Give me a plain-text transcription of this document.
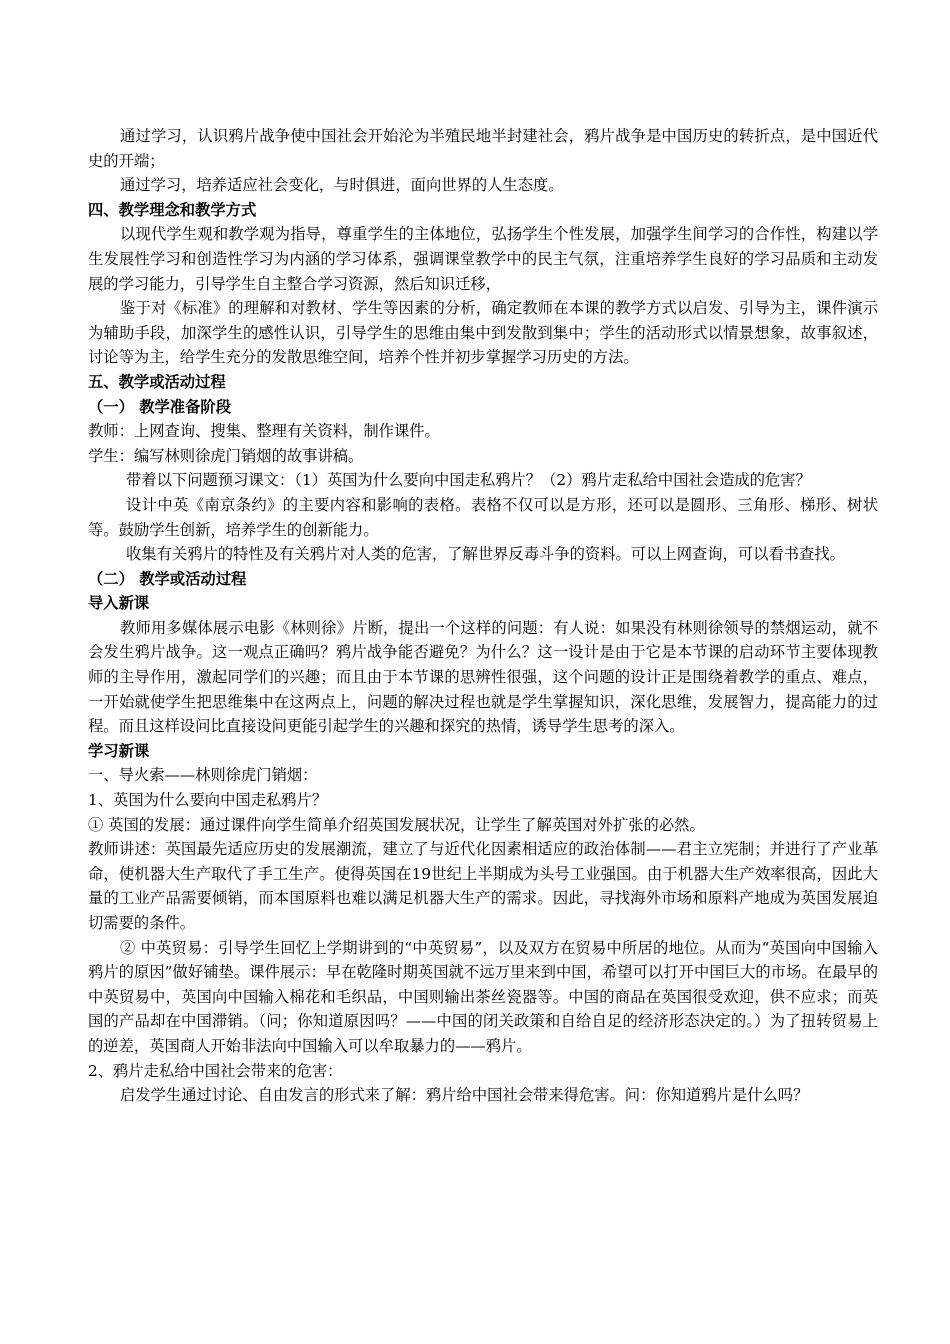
通过学习，认识鸦片战争使中国社会开始沦为半殖民地半封建社会，鸦片战争是中国历史的转折点，是中国近代史的开端；

通过学习，培养适应社会变化，与时俱进，面向世界的人生态度。

四、教学理念和教学方式

以现代学生观和教学观为指导，尊重学生的主体地位，弘扬学生个性发展，加强学生间学习的合作性，构建以学生发展性学习和创造性学习为内涵的学习体系，强调课堂教学中的民主气氛，注重培养学生良好的学习品质和主动发展的学习能力，引导学生自主整合学习资源，然后知识迁移，

鉴于对《标准》的理解和对教材、学生等因素的分析，确定教师在本课的教学方式以启发、引导为主，课件演示为辅助手段，加深学生的感性认识，引导学生的思维由集中到发散到集中；学生的活动形式以情景想象，故事叙述，讨论等为主，给学生充分的发散思维空间，培养个性并初步掌握学习历史的方法。

五、教学或活动过程

（一） 教学准备阶段

教师：上网查询、搜集、整理有关资料，制作课件。

学生：编写林则徐虎门销烟的故事讲稿。

带着以下问题预习课文：（1）英国为什么要向中国走私鸦片？（2）鸦片走私给中国社会造成的危害？

设计中英《南京条约》的主要内容和影响的表格。表格不仅可以是方形，还可以是圆形、三角形、梯形、树状等。鼓励学生创新，培养学生的创新能力。

收集有关鸦片的特性及有关鸦片对人类的危害，了解世界反毒斗争的资料。可以上网查询，可以看书查找。

（二） 教学或活动过程

导入新课

教师用多媒体展示电影《林则徐》片断，提出一个这样的问题：有人说：如果没有林则徐领导的禁烟运动，就不会发生鸦片战争。这一观点正确吗？鸦片战争能否避免？为什么？这一设计是由于它是本节课的启动环节主要体现教师的主导作用，激起同学们的兴趣；而且由于本节课的思辨性很强，这个问题的设计正是围绕着教学的重点、难点，一开始就使学生把思维集中在这两点上，问题的解决过程也就是学生掌握知识，深化思维，发展智力，提高能力的过程。而且这样设问比直接设问更能引起学生的兴趣和探究的热情，诱导学生思考的深入。

学习新课

一、导火索——林则徐虎门销烟：

1、英国为什么要向中国走私鸦片？

① 英国的发展：通过课件向学生简单介绍英国发展状况，让学生了解英国对外扩张的必然。

教师讲述：英国最先适应历史的发展潮流，建立了与近代化因素相适应的政治体制——君主立宪制；并进行了产业革命，使机器大生产取代了手工生产。使得英国在19世纪上半期成为头号工业强国。由于机器大生产效率很高，因此大量的工业产品需要倾销，而本国原料也难以满足机器大生产的需求。因此，寻找海外市场和原料产地成为英国发展迫切需要的条件。

② 中英贸易：引导学生回忆上学期讲到的“中英贸易”，以及双方在贸易中所居的地位。从而为“英国向中国输入鸦片的原因”做好铺垫。课件展示：早在乾隆时期英国就不远万里来到中国，希望可以打开中国巨大的市场。在最早的中英贸易中，英国向中国输入棉花和毛织品，中国则输出茶丝瓷器等。中国的商品在英国很受欢迎，供不应求；而英国的产品却在中国滞销。（问；你知道原因吗？——中国的闭关政策和自给自足的经济形态决定的。）为了扭转贸易上的逆差，英国商人开始非法向中国输入可以牟取暴力的——鸦片。

2、鸦片走私给中国社会带来的危害：

启发学生通过讨论、自由发言的形式来了解：鸦片给中国社会带来得危害。问：你知道鸦片是什么吗？
